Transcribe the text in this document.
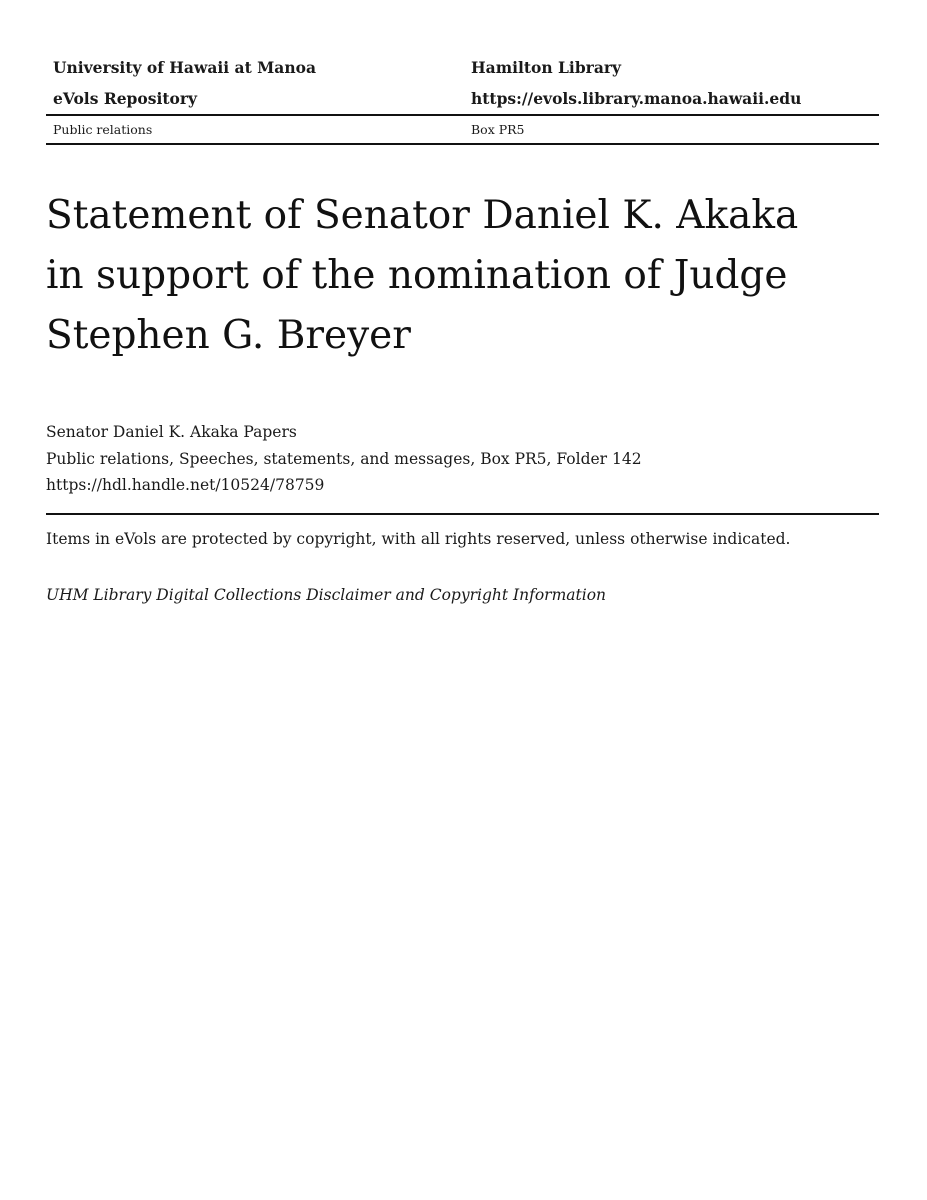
University of Hawaii at Manoa	Hamilton Library
eVols Repository	https://evols.library.manoa.hawaii.edu
Public relations	Box PR5
Statement of Senator Daniel K. Akaka
in support of the nomination of Judge
Stephen G. Breyer
Senator Daniel K. Akaka Papers
Public relations, Speeches, statements, and messages, Box PR5, Folder 142
https://hdl.handle.net/10524/78759
Items in eVols are protected by copyright, with all rights reserved, unless otherwise indicated.
UHM Library Digital Collections Disclaimer and Copyright Information
